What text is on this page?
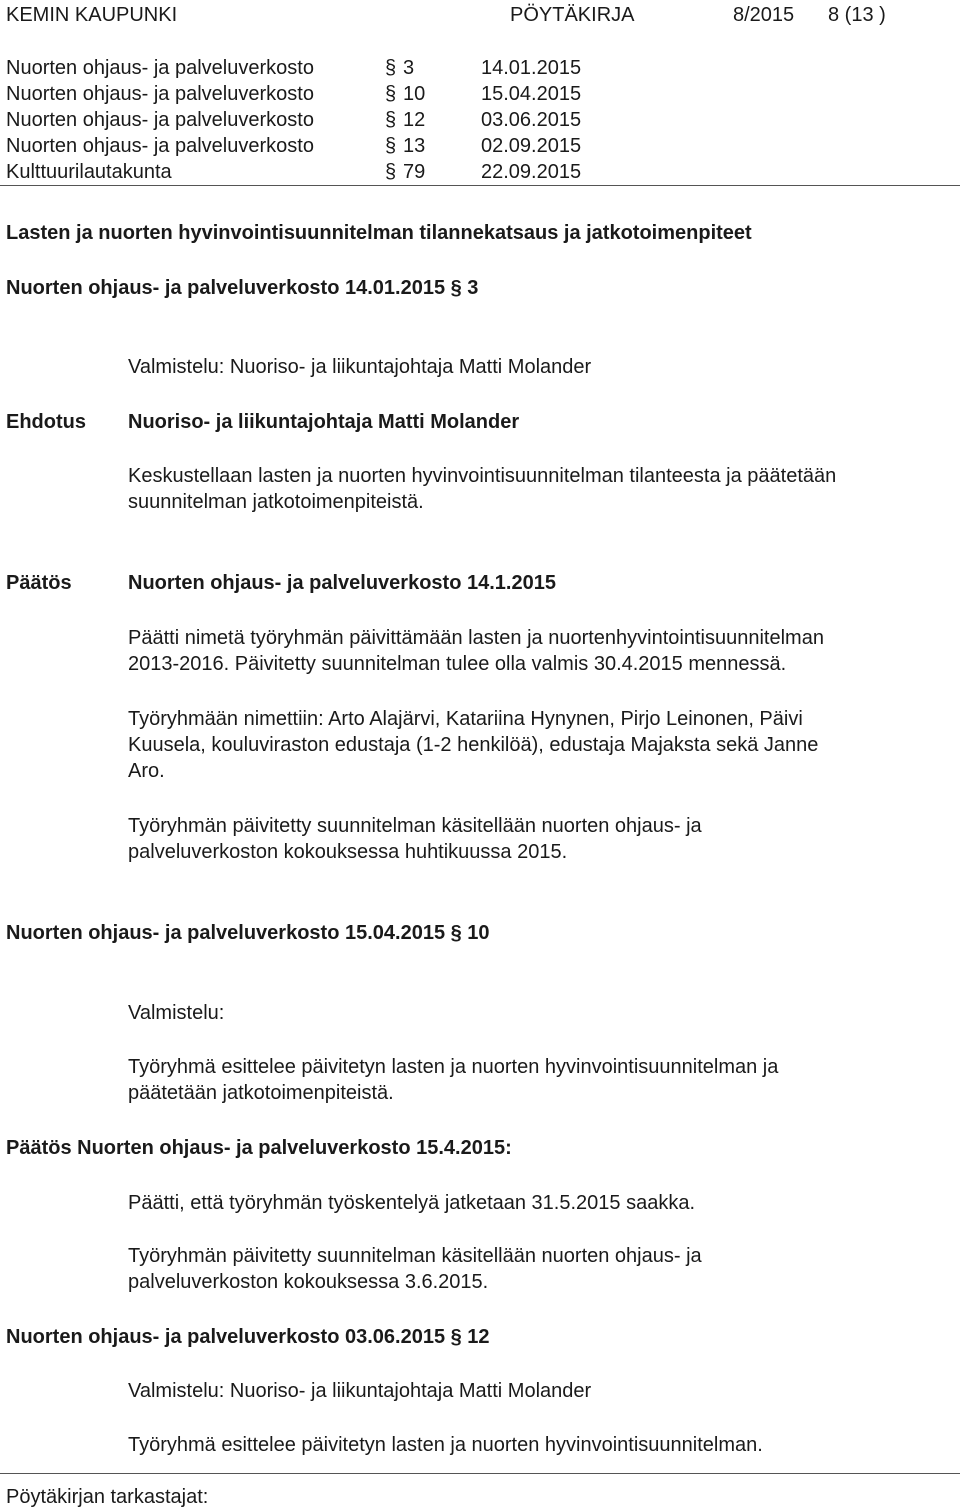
KEMIN KAUPUNKI	PÖYTÄKIRJA	8/2015 8 (13 )
Nuorten ohjaus- ja palveluverkosto	§ 3	14.01.2015
Nuorten ohjaus- ja palveluverkosto	§ 10	15.04.2015
Nuorten ohjaus- ja palveluverkosto	§ 12	03.06.2015
Nuorten ohjaus- ja palveluverkosto	§ 13	02.09.2015
Kulttuurilautakunta	§ 79	22.09.2015
Lasten ja nuorten hyvinvointisuunnitelman tilannekatsaus ja jatkotoimenpiteet
Nuorten ohjaus- ja palveluverkosto 14.01.2015 § 3
Valmistelu: Nuoriso- ja liikuntajohtaja Matti Molander
Ehdotus Nuoriso- ja liikuntajohtaja Matti Molander
Keskustellaan lasten ja nuorten hyvinvointisuunnitelman tilanteesta ja päätetään
suunnitelman jatkotoimenpiteistä.
Päätös	Nuorten ohjaus- ja palveluverkosto 14.1.2015
Päätti nimetä työryhmän päivittämään lasten ja nuortenhyvintointisuunnitelman
2013-2016. Päivitetty suunnitelman tulee olla valmis 30.4.2015 mennessä.
Työryhmään nimettiin: Arto Alajärvi, Katariina Hynynen, Pirjo Leinonen, Päivi
Kuusela, kouluviraston edustaja (1-2 henkilöä), edustaja Majaksta sekä Janne
Aro.
Työryhmän päivitetty suunnitelman käsitellään nuorten ohjaus- ja
palveluverkoston kokouksessa huhtikuussa 2015.
Nuorten ohjaus- ja palveluverkosto 15.04.2015 § 10
Valmistelu:
Työryhmä esittelee päivitetyn lasten ja nuorten hyvinvointisuunnitelman ja
päätetään jatkotoimenpiteistä.
Päätös Nuorten ohjaus- ja palveluverkosto 15.4.2015:
Päätti, että työryhmän työskentelyä jatketaan 31.5.2015 saakka.
Työryhmän päivitetty suunnitelman käsitellään nuorten ohjaus- ja
palveluverkoston kokouksessa 3.6.2015.
Nuorten ohjaus- ja palveluverkosto 03.06.2015 § 12
Valmistelu: Nuoriso- ja liikuntajohtaja Matti Molander
Työryhmä esittelee päivitetyn lasten ja nuorten hyvinvointisuunnitelman.
Pöytäkirjan tarkastajat:
